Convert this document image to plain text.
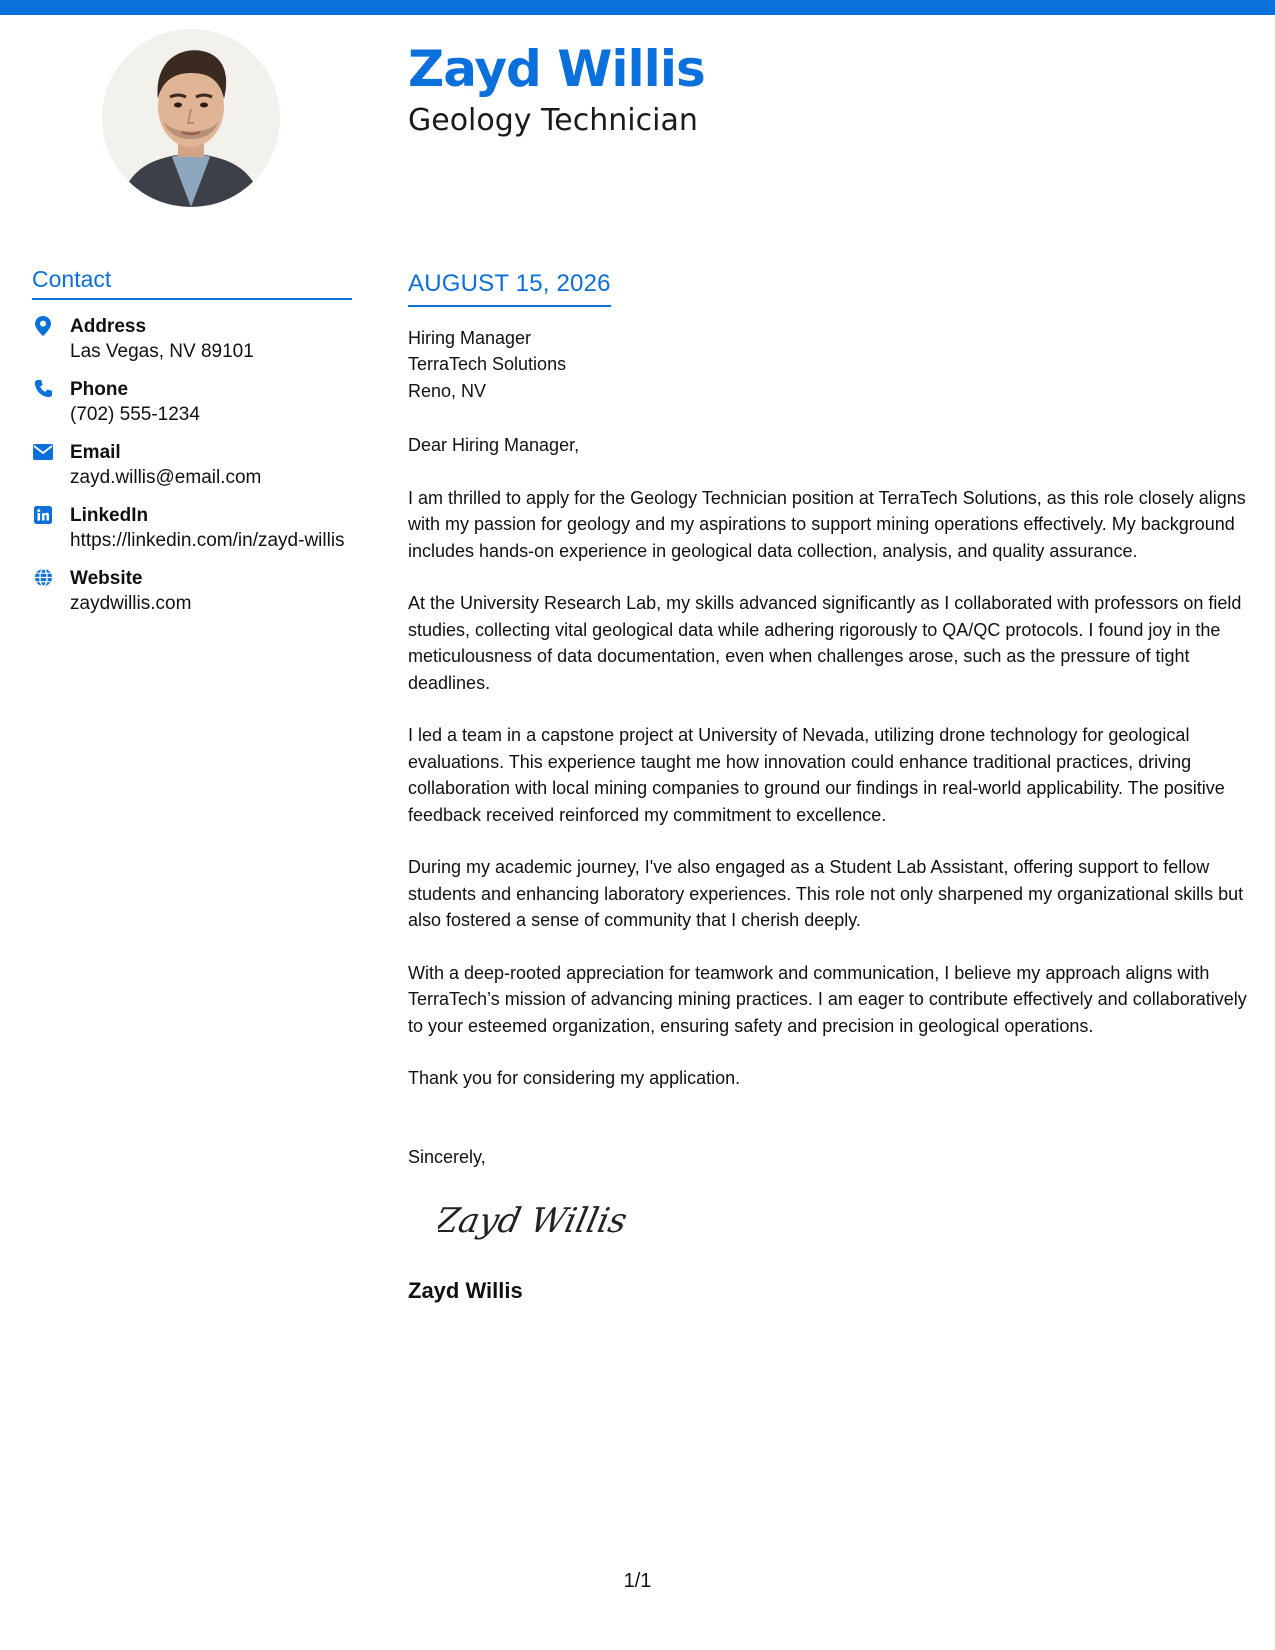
Zayd Willis
Geology Technician
Contact
Address
Las Vegas, NV 89101
Phone
(702) 555-1234
Email
zayd.willis@email.com
LinkedIn
https://linkedin.com/in/zayd-willis
Website
zaydwillis.com
AUGUST 15, 2026
Hiring Manager
TerraTech Solutions
Reno, NV

Dear Hiring Manager,

I am thrilled to apply for the Geology Technician position at TerraTech Solutions, as this role closely aligns with my passion for geology and my aspirations to support mining operations effectively. My background includes hands-on experience in geological data collection, analysis, and quality assurance.

At the University Research Lab, my skills advanced significantly as I collaborated with professors on field studies, collecting vital geological data while adhering rigorously to QA/QC protocols. I found joy in the meticulousness of data documentation, even when challenges arose, such as the pressure of tight deadlines.

I led a team in a capstone project at University of Nevada, utilizing drone technology for geological evaluations. This experience taught me how innovation could enhance traditional practices, driving collaboration with local mining companies to ground our findings in real-world applicability. The positive feedback received reinforced my commitment to excellence.

During my academic journey, I've also engaged as a Student Lab Assistant, offering support to fellow students and enhancing laboratory experiences. This role not only sharpened my organizational skills but also fostered a sense of community that I cherish deeply.

With a deep-rooted appreciation for teamwork and communication, I believe my approach aligns with TerraTech’s mission of advancing mining practices. I am eager to contribute effectively and collaboratively to your esteemed organization, ensuring safety and precision in geological operations.

Thank you for considering my application.

Sincerely,

Zayd Willis
Zayd Willis
1/1
